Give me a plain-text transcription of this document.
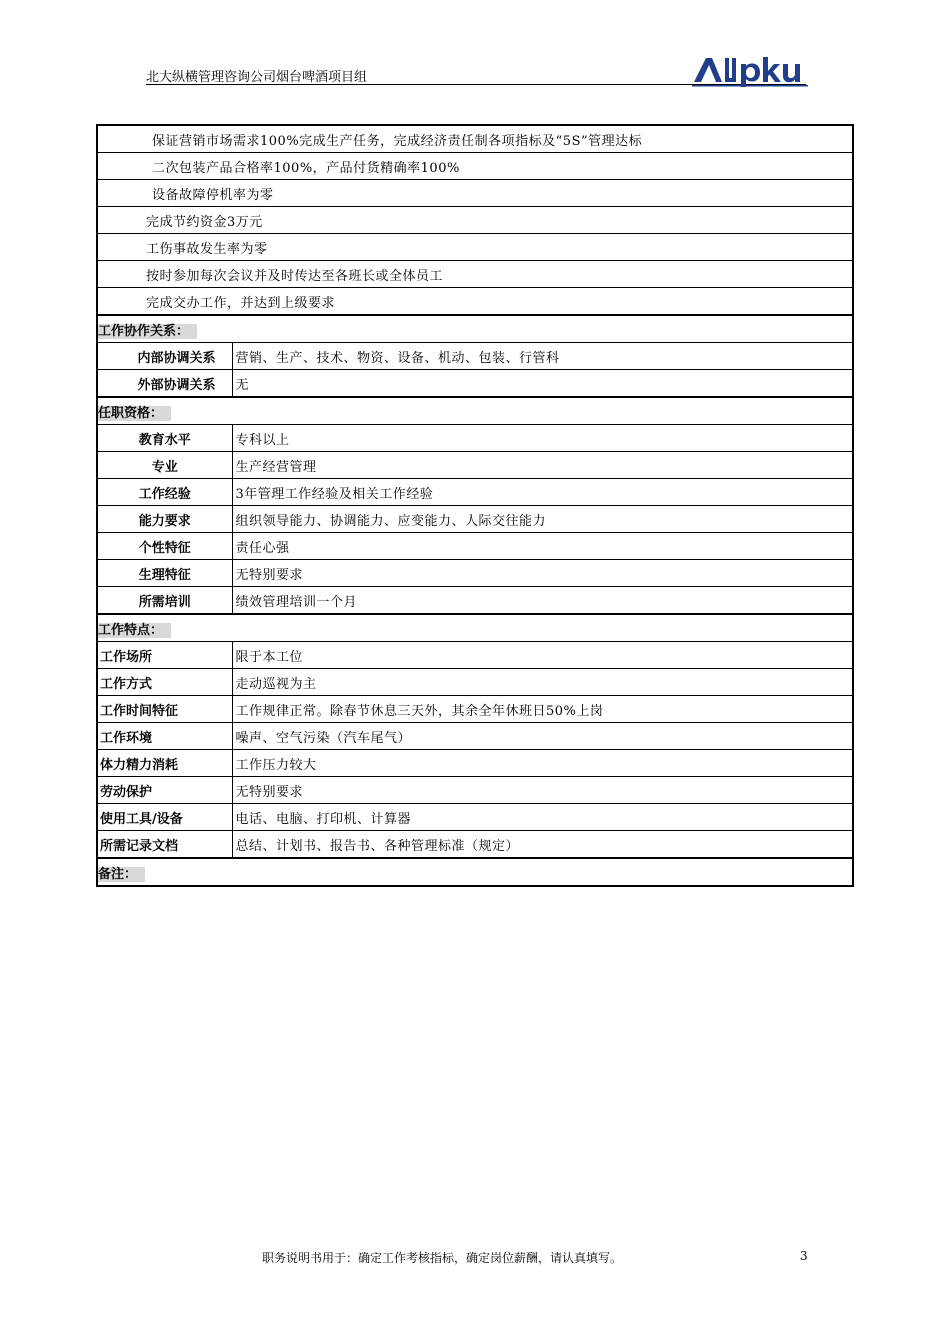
北大纵横管理咨询公司烟台啤酒项目组
保证营销市场需求100%完成生产任务，完成经济责任制各项指标及“5S”管理达标	
二次包装产品合格率100%，产品付货精确率100%	
设备故障停机率为零	
完成节约资金3万元	
工伤事故发生率为零	
按时参加每次会议并及时传达至各班长或全体员工	
完成交办工作，并达到上级要求	
工作协作关系：	
内部协调关系	营销、生产、技术、物资、设备、机动、包装、行管科
外部协调关系	无
任职资格：	
教育水平	专科以上
专业	生产经营管理
工作经验	3年管理工作经验及相关工作经验
能力要求	组织领导能力、协调能力、应变能力、人际交往能力
个性特征	责任心强
生理特征	无特别要求
所需培训	绩效管理培训一个月
工作特点：	
工作场所	限于本工位
工作方式	走动巡视为主
工作时间特征	工作规律正常。除春节休息三天外，其余全年休班日50%上岗
工作环境	噪声、空气污染（汽车尾气）
体力精力消耗	工作压力较大
劳动保护	无特别要求
使用工具/设备	电话、电脑、打印机、计算器
所需记录文档	总结、计划书、报告书、各种管理标准（规定）
备注：	
职务说明书用于：确定工作考核指标，确定岗位薪酬，请认真填写。	3
